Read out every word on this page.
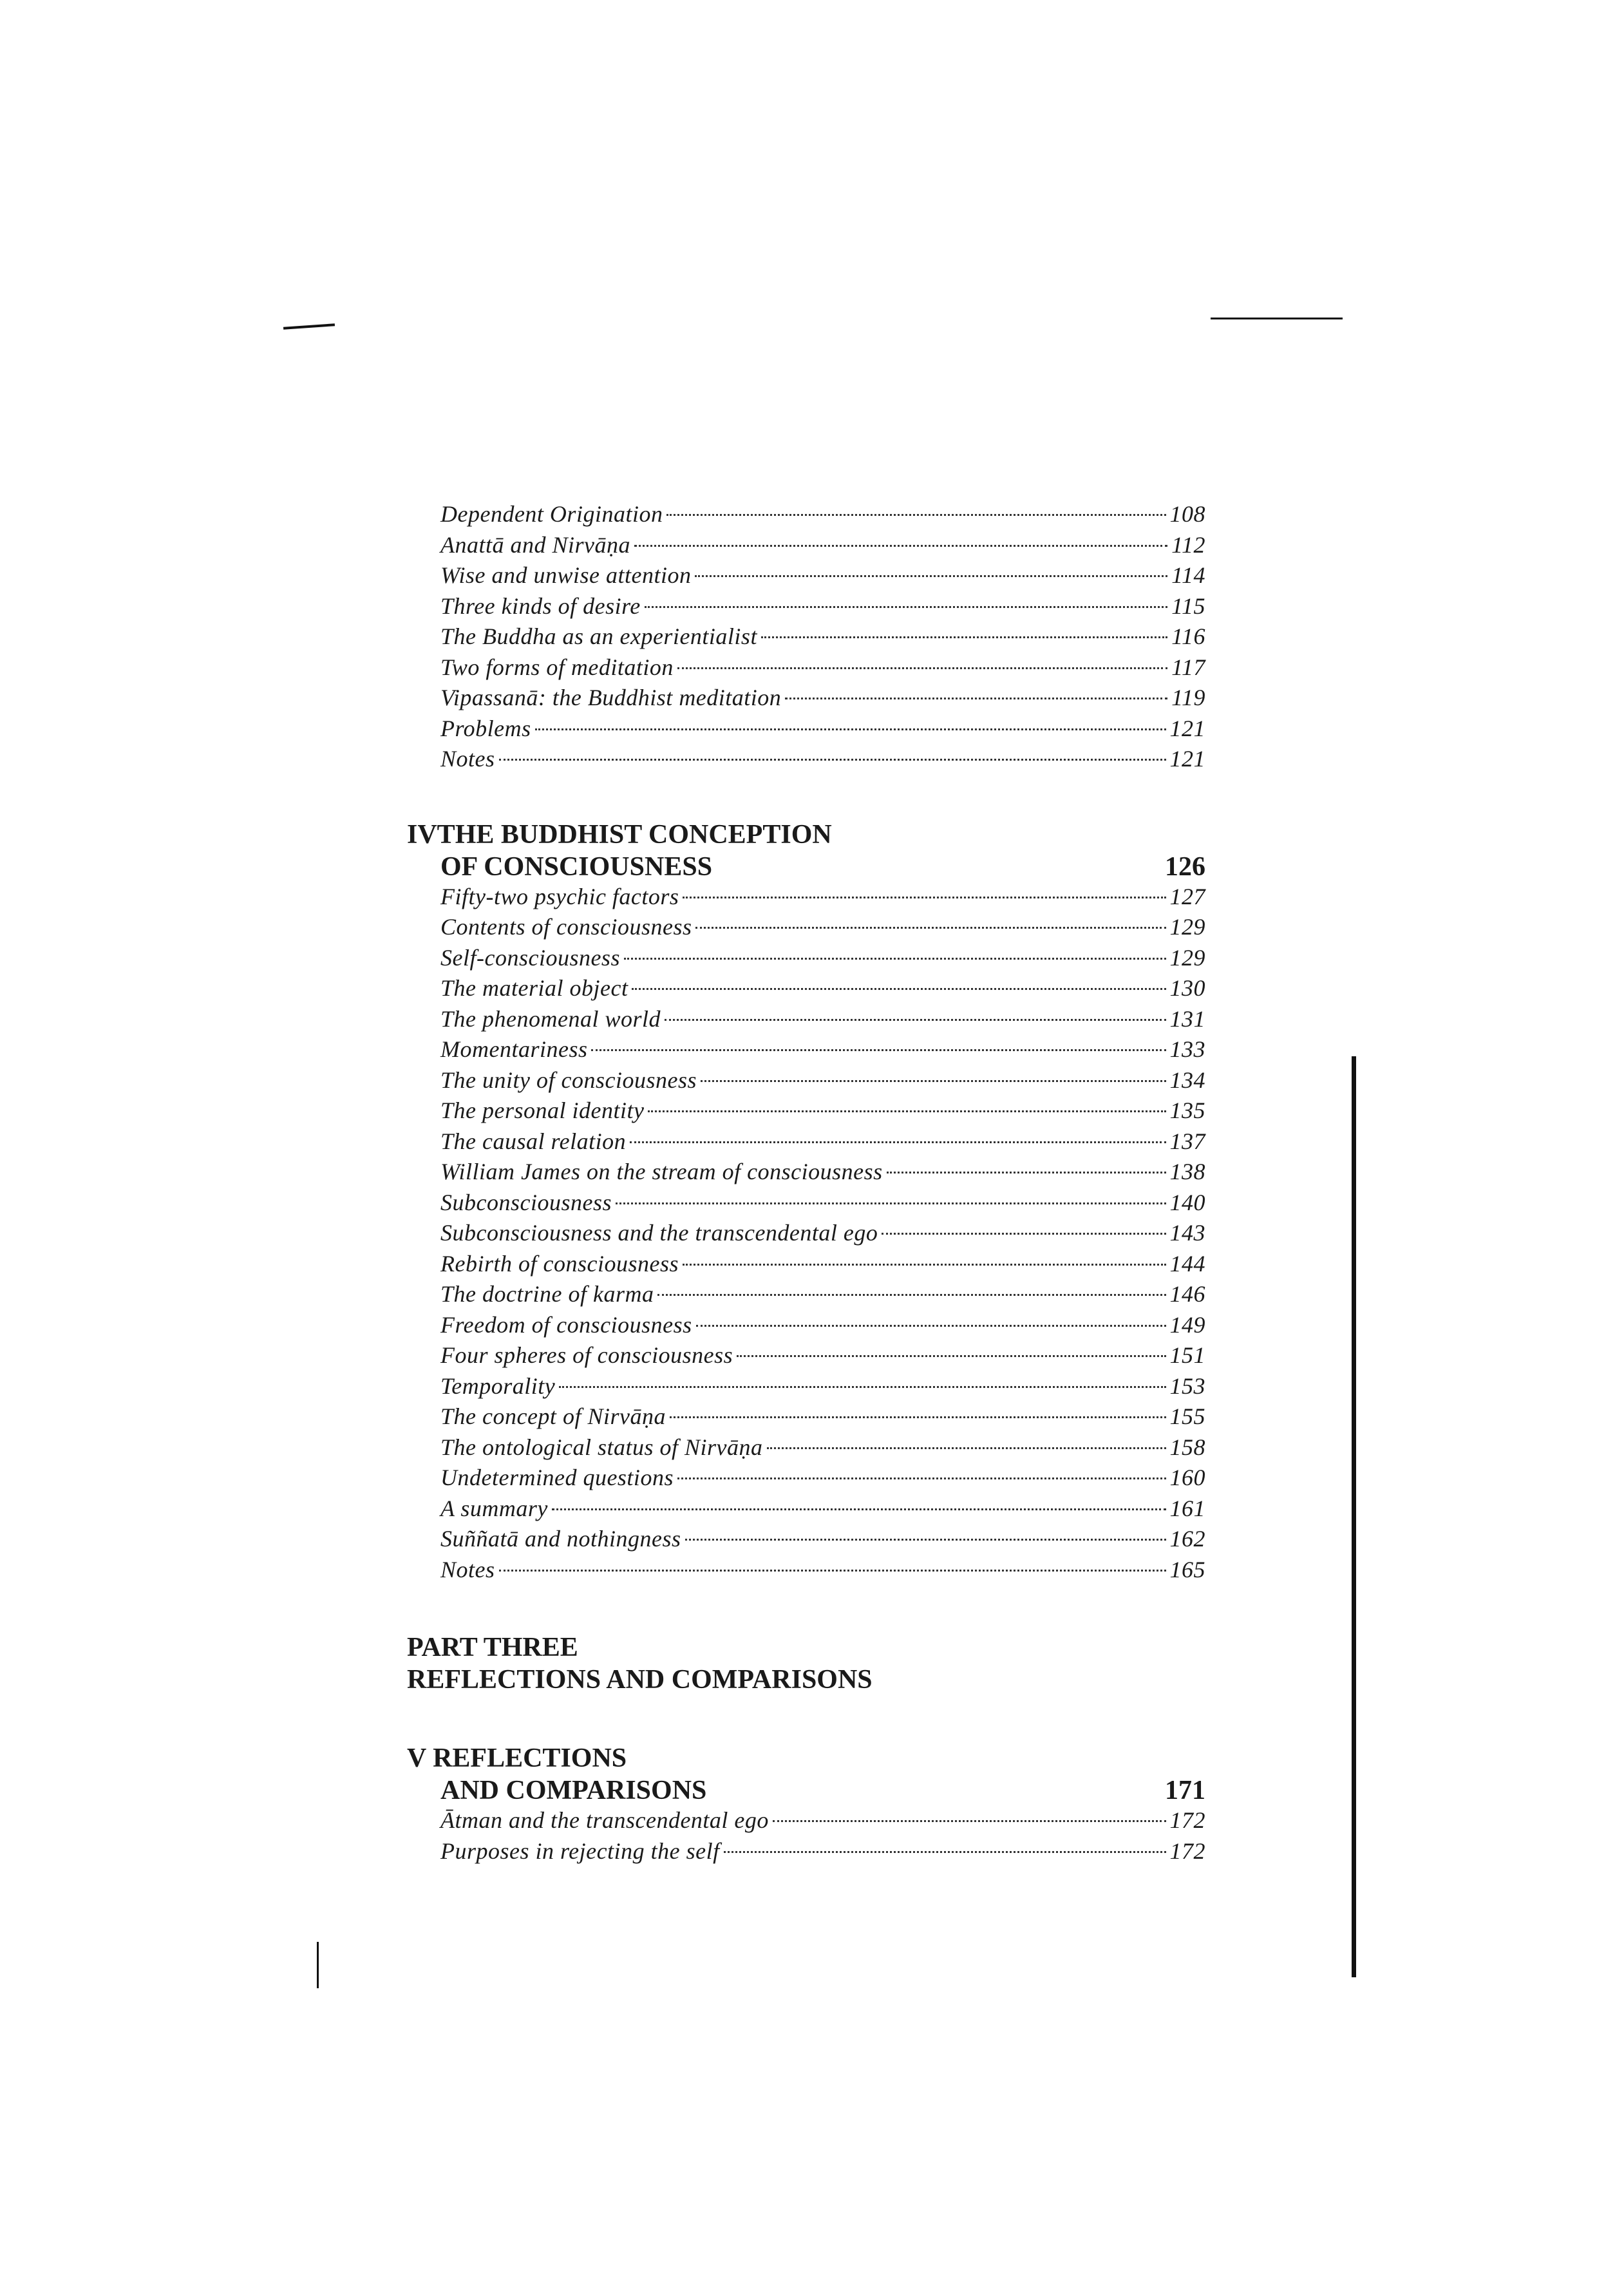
Dependent Origination	108
Anattā and Nirvāṇa	112
Wise and unwise attention	114
Three kinds of desire	115
The Buddha as an experientialist	116
Two forms of meditation	117
Vipassanā: the Buddhist meditation	119
Problems	121
Notes	121
IVTHE BUDDHIST CONCEPTION
OF CONSCIOUSNESS	126
Fifty-two psychic factors	127
Contents of consciousness	129
Self-consciousness	129
The material object	130
The phenomenal world	131
Momentariness	133
The unity of consciousness	134
The personal identity	135
The causal relation	137
William James on the stream of consciousness	138
Subconsciousness	140
Subconsciousness and the transcendental ego	143
Rebirth of consciousness	144
The doctrine of karma	146
Freedom of consciousness	149
Four spheres of consciousness	151
Temporality	153
The concept of Nirvāṇa	155
The ontological status of Nirvāṇa	158
Undetermined questions	160
A summary	161
Suññatā and nothingness	162
Notes	165
PART THREE
REFLECTIONS AND COMPARISONS
V REFLECTIONS
AND COMPARISONS	171
Ātman and the transcendental ego	172
Purposes in rejecting the self	172
